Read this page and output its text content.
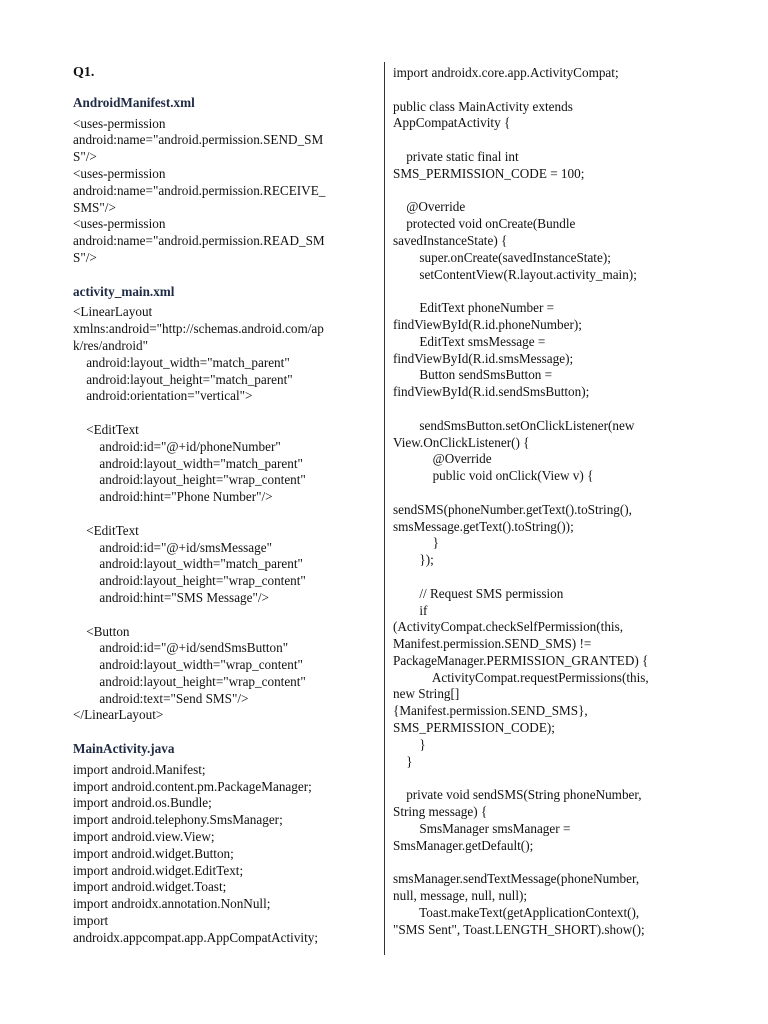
Q1.
AndroidManifest.xml
<uses-permission
android:name="android.permission.SEND_SM
S"/>
<uses-permission
android:name="android.permission.RECEIVE_
SMS"/>
<uses-permission
android:name="android.permission.READ_SM
S"/>
activity_main.xml
<LinearLayout
xmlns:android="http://schemas.android.com/ap
k/res/android"
android:layout_width="match_parent"
android:layout_height="match_parent"
android:orientation="vertical">
<EditText
android:id="@+id/phoneNumber"
android:layout_width="match_parent"
android:layout_height="wrap_content"
android:hint="Phone Number"/>
<EditText
android:id="@+id/smsMessage"
android:layout_width="match_parent"
android:layout_height="wrap_content"
android:hint="SMS Message"/>
<Button
android:id="@+id/sendSmsButton"
android:layout_width="wrap_content"
android:layout_height="wrap_content"
android:text="Send SMS"/>
</LinearLayout>
MainActivity.java
import android.Manifest;
import android.content.pm.PackageManager;
import android.os.Bundle;
import android.telephony.SmsManager;
import android.view.View;
import android.widget.Button;
import android.widget.EditText;
import android.widget.Toast;
import androidx.annotation.NonNull;
import
androidx.appcompat.app.AppCompatActivity;
import androidx.core.app.ActivityCompat;
public class MainActivity extends
AppCompatActivity {
private static final int
SMS_PERMISSION_CODE = 100;
@Override
protected void onCreate(Bundle
savedInstanceState) {
super.onCreate(savedInstanceState);
setContentView(R.layout.activity_main);
EditText phoneNumber =
findViewById(R.id.phoneNumber);
EditText smsMessage =
findViewById(R.id.smsMessage);
Button sendSmsButton =
findViewById(R.id.sendSmsButton);
sendSmsButton.setOnClickListener(new
View.OnClickListener() {
@Override
public void onClick(View v) {
sendSMS(phoneNumber.getText().toString(),
smsMessage.getText().toString());
}
});
// Request SMS permission
if
(ActivityCompat.checkSelfPermission(this,
Manifest.permission.SEND_SMS) !=
PackageManager.PERMISSION_GRANTED) {
ActivityCompat.requestPermissions(this,
new String[]
{Manifest.permission.SEND_SMS},
SMS_PERMISSION_CODE);
}
}
private void sendSMS(String phoneNumber,
String message) {
SmsManager smsManager =
SmsManager.getDefault();
smsManager.sendTextMessage(phoneNumber,
null, message, null, null);
Toast.makeText(getApplicationContext(),
"SMS Sent", Toast.LENGTH_SHORT).show();
